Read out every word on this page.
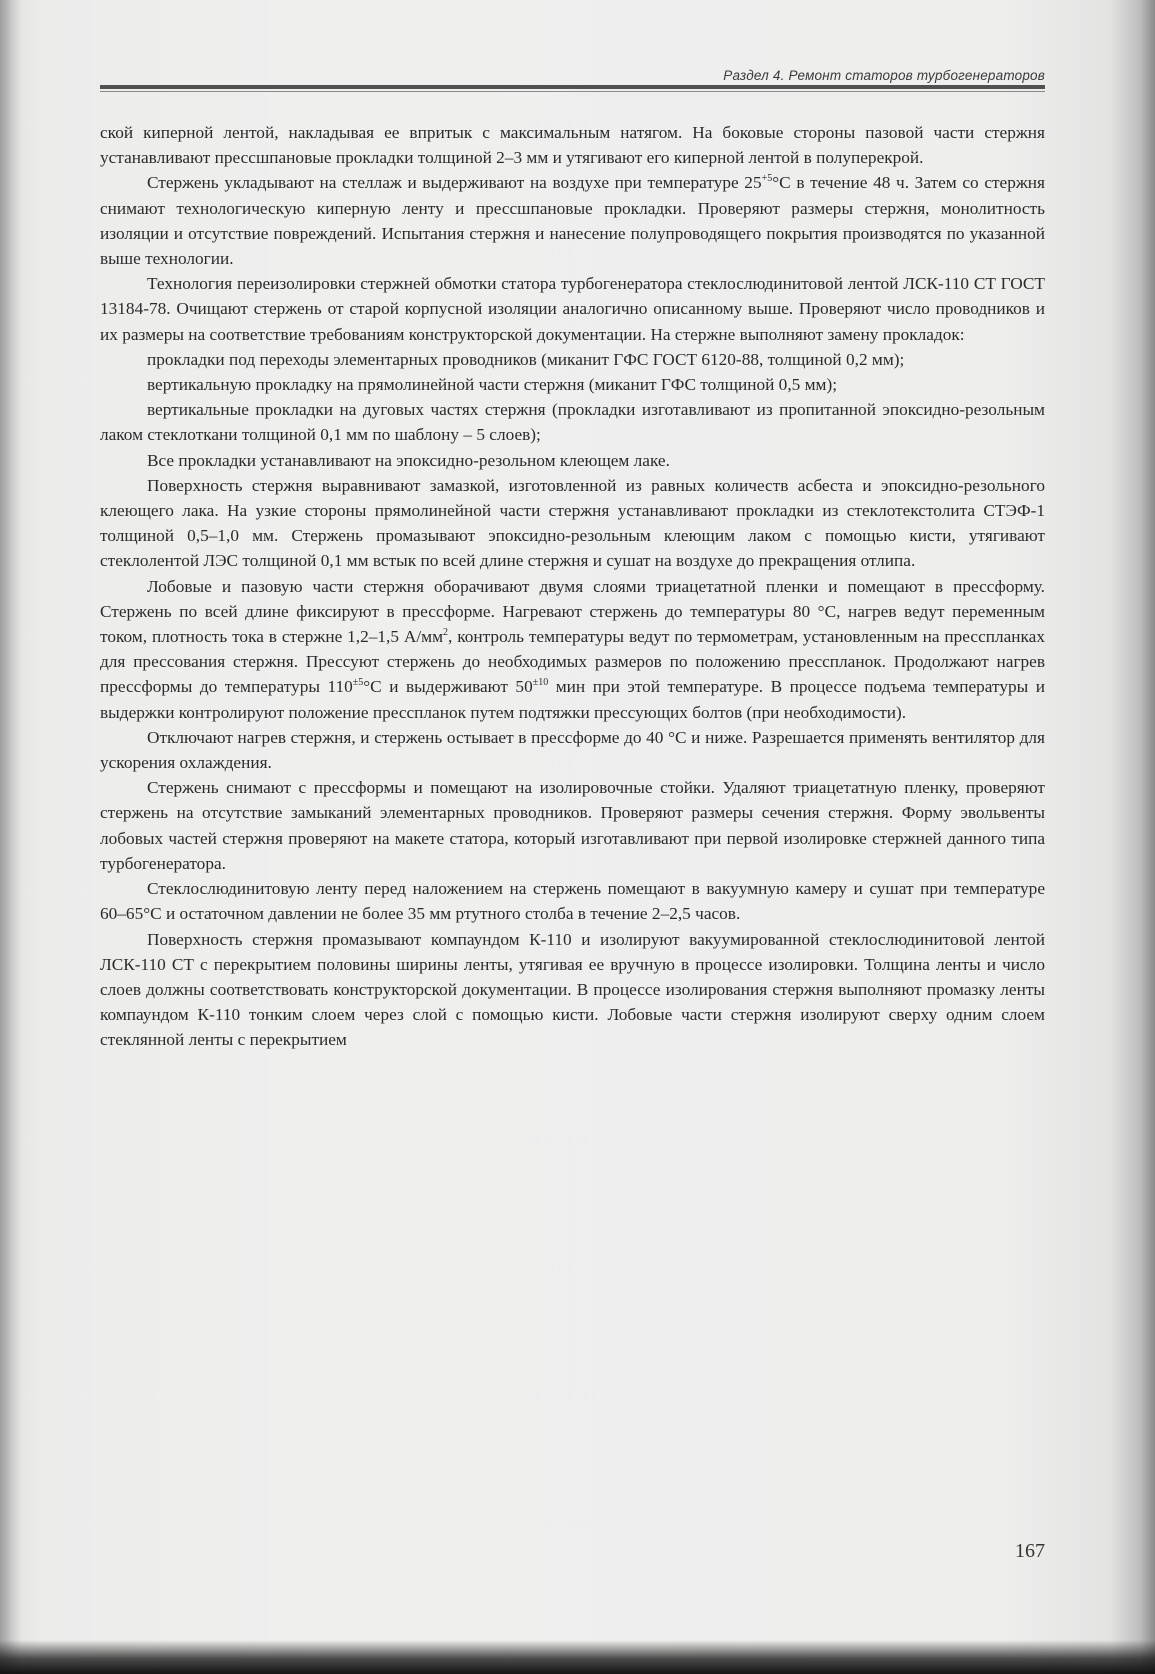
Раздел 4. Ремонт статоров турбогенераторов

ской киперной лентой, накладывая ее впритык с максимальным натягом. На боковые стороны пазовой части стержня устанавливают прессшпановые прокладки толщиной 2–3 мм и утягивают его киперной лентой в полуперекрой.

Стержень укладывают на стеллаж и выдерживают на воздухе при температуре $25^{+5}^\circ С$ в течение 48 ч. Затем со стержня снимают технологическую киперную ленту и прессшпановые прокладки. Проверяют размеры стержня, монолитность изоляции и отсутствие повреждений. Испытания стержня и нанесение полупроводящего покрытия производятся по указанной выше технологии.

Технология переизолировки стержней обмотки статора турбогенератора стеклослюдинитовой лентой ЛСК-110 СТ ГОСТ 13184-78. Очищают стержень от старой корпусной изоляции аналогично описанному выше. Проверяют число проводников и их размеры на соответствие требованиям конструкторской документации. На стержне выполняют замену прокладок:

прокладки под переходы элементарных проводников (миканит ГФС ГОСТ 6120-88, толщиной 0,2 мм);

вертикальную прокладку на прямолинейной части стержня (миканит ГФС толщиной 0,5 мм);

вертикальные прокладки на дуговых частях стержня (прокладки изготавливают из пропитанной эпоксидно-резольным лаком стеклоткани толщиной 0,1 мм по шаблону – 5 слоев);

Все прокладки устанавливают на эпоксидно-резольном клеющем лаке.

Поверхность стержня выравнивают замазкой, изготовленной из равных количеств асбеста и эпоксидно-резольного клеющего лака. На узкие стороны прямолинейной части стержня устанавливают прокладки из стеклотекстолита СТЭФ-1 толщиной 0,5–1,0 мм. Стержень промазывают эпоксидно-резольным клеющим лаком с помощью кисти, утягивают стеклолентой ЛЭС толщиной 0,1 мм встык по всей длине стержня и сушат на воздухе до прекращения отлипа.

Лобовые и пазовую части стержня оборачивают двумя слоями триацетатной пленки и помещают в прессформу. Стержень по всей длине фиксируют в прессформе. Нагревают стержень до температуры 80 °С, нагрев ведут переменным током, плотность тока в стержне 1,2–1,5 $А/мм^2$, контроль температуры ведут по термометрам, установленным на пресспланках для прессования стержня. Прессуют стержень до необходимых размеров по положению пресспланок. Продолжают нагрев прессформы до температуры $110^{\pm 5}^\circ С$ и выдерживают $50^{\pm 10}$ мин при этой температуре. В процессе подъема температуры и выдержки контролируют положение пресспланок путем подтяжки прессующих болтов (при необходимости).

Отключают нагрев стержня, и стержень остывает в прессформе до 40 °С и ниже. Разрешается применять вентилятор для ускорения охлаждения.

Стержень снимают с прессформы и помещают на изолировочные стойки. Удаляют триацетатную пленку, проверяют стержень на отсутствие замыканий элементарных проводников. Проверяют размеры сечения стержня. Форму эвольвенты лобовых частей стержня проверяют на макете статора, который изготавливают при первой изолировке стержней данного типа турбогенератора.

Стеклослюдинитовую ленту перед наложением на стержень помещают в вакуумную камеру и сушат при температуре 60–65°С и остаточном давлении не более 35 мм ртутного столба в течение 2–2,5 часов.

Поверхность стержня промазывают компаундом К-110 и изолируют вакуумированной стеклослюдинитовой лентой ЛСК-110 СТ с перекрытием половины ширины ленты, утягивая ее вручную в процессе изолировки. Толщина ленты и число слоев должны соответствовать конструкторской документации. В процессе изолирования стержня выполняют промазку ленты компаундом К-110 тонким слоем через слой с помощью кисти. Лобовые части стержня изолируют сверху одним слоем стеклянной ленты с перекрытием

167
